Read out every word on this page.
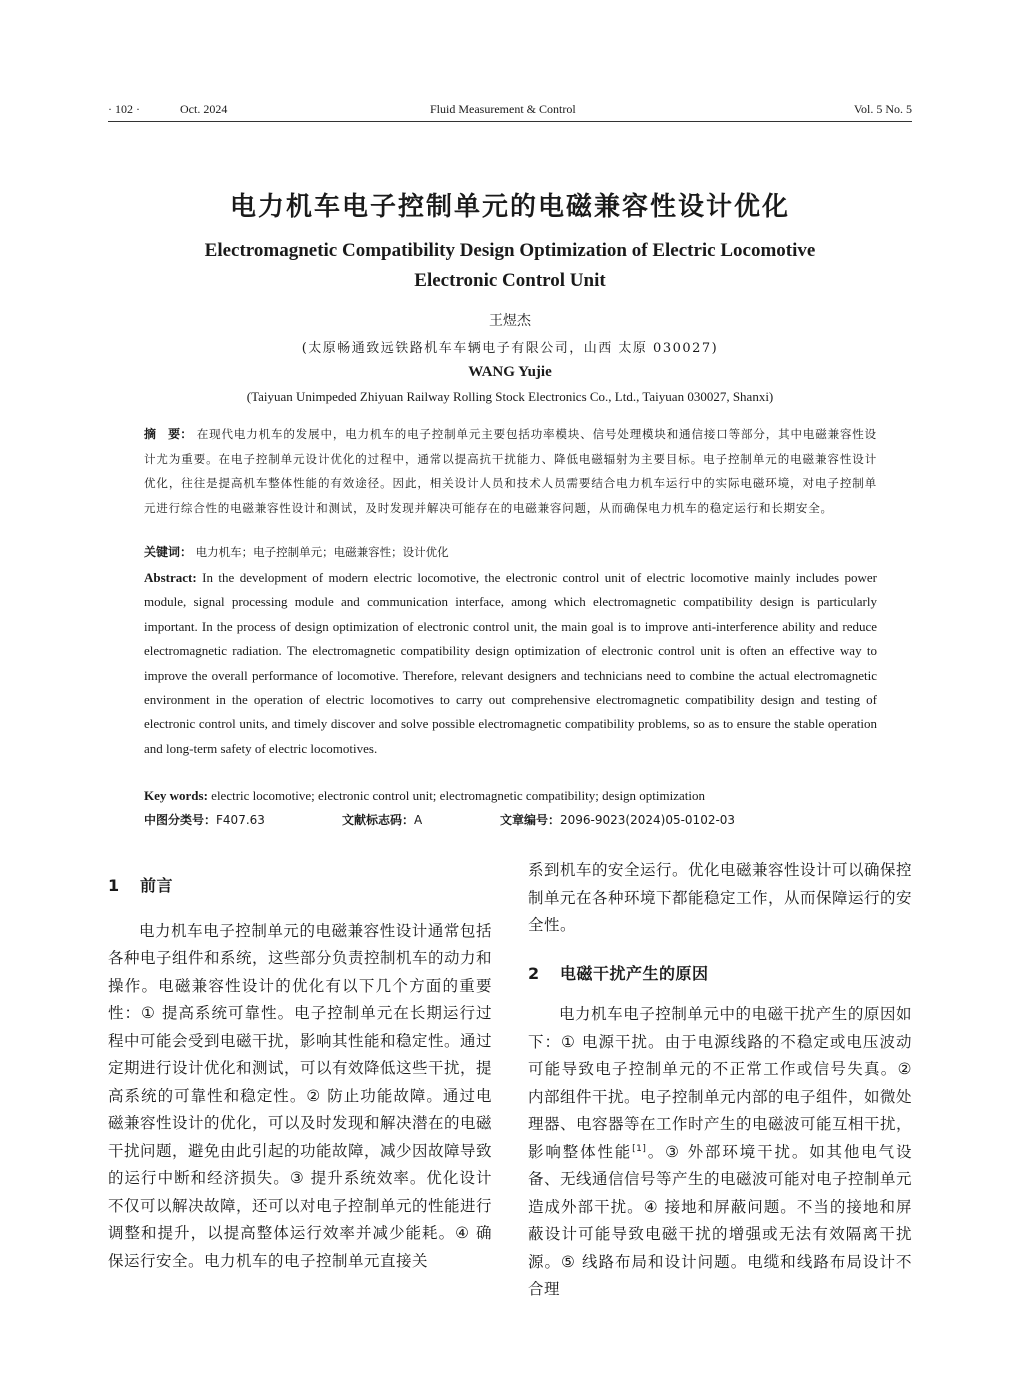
· 102 ·	Oct. 2024	Fluid Measurement & Control	Vol. 5 No. 5
电力机车电子控制单元的电磁兼容性设计优化
Electromagnetic Compatibility Design Optimization of Electric Locomotive
Electronic Control Unit
王煜杰
(太原畅通致远铁路机车车辆电子有限公司，山西 太原 030027)
WANG Yujie
(Taiyuan Unimpeded Zhiyuan Railway Rolling Stock Electronics Co., Ltd., Taiyuan 030027, Shanxi)
摘　要： 在现代电力机车的发展中，电力机车的电子控制单元主要包括功率模块、信号处理模块和通信接口等部分，其中电磁兼容性设计尤为重要。在电子控制单元设计优化的过程中，通常以提高抗干扰能力、降低电磁辐射为主要目标。电子控制单元的电磁兼容性设计优化，往往是提高机车整体性能的有效途径。因此，相关设计人员和技术人员需要结合电力机车运行中的实际电磁环境，对电子控制单元进行综合性的电磁兼容性设计和测试，及时发现并解决可能存在的电磁兼容问题，从而确保电力机车的稳定运行和长期安全。
关键词： 电力机车；电子控制单元；电磁兼容性；设计优化
Abstract: In the development of modern electric locomotive, the electronic control unit of electric locomotive mainly includes power module, signal processing module and communication interface, among which electromagnetic compatibility design is particularly important. In the process of design optimization of electronic control unit, the main goal is to improve anti-interference ability and reduce electromagnetic radiation. The electromagnetic compatibility design optimization of electronic control unit is often an effective way to improve the overall performance of locomotive. Therefore, relevant designers and technicians need to combine the actual electromagnetic environment in the operation of electric locomotives to carry out comprehensive electromagnetic compatibility design and testing of electronic control units, and timely discover and solve possible electromagnetic compatibility problems, so as to ensure the stable operation and long-term safety of electric locomotives.
Key words: electric locomotive; electronic control unit; electromagnetic compatibility; design optimization
中图分类号：F407.63	文献标志码：A	文章编号：2096-9023(2024)05-0102-03

1 前言

电力机车电子控制单元的电磁兼容性设计通常包括各种电子组件和系统，这些部分负责控制机车的动力和操作。电磁兼容性设计的优化有以下几个方面的重要性：① 提高系统可靠性。电子控制单元在长期运行过程中可能会受到电磁干扰，影响其性能和稳定性。通过定期进行设计优化和测试，可以有效降低这些干扰，提高系统的可靠性和稳定性。② 防止功能故障。通过电磁兼容性设计的优化，可以及时发现和解决潜在的电磁干扰问题，避免由此引起的功能故障，减少因故障导致的运行中断和经济损失。③ 提升系统效率。优化设计不仅可以解决故障，还可以对电子控制单元的性能进行调整和提升，以提高整体运行效率并减少能耗。④ 确保运行安全。电力机车的电子控制单元直接关

系到机车的安全运行。优化电磁兼容性设计可以确保控制单元在各种环境下都能稳定工作，从而保障运行的安全性。

2 电磁干扰产生的原因

电力机车电子控制单元中的电磁干扰产生的原因如下：① 电源干扰。由于电源线路的不稳定或电压波动可能导致电子控制单元的不正常工作或信号失真。② 内部组件干扰。电子控制单元内部的电子组件，如微处理器、电容器等在工作时产生的电磁波可能互相干扰，影响整体性能[1]。③ 外部环境干扰。如其他电气设备、无线通信信号等产生的电磁波可能对电子控制单元造成外部干扰。④ 接地和屏蔽问题。不当的接地和屏蔽设计可能导致电磁干扰的增强或无法有效隔离干扰源。⑤ 线路布局和设计问题。电缆和线路布局设计不合理
